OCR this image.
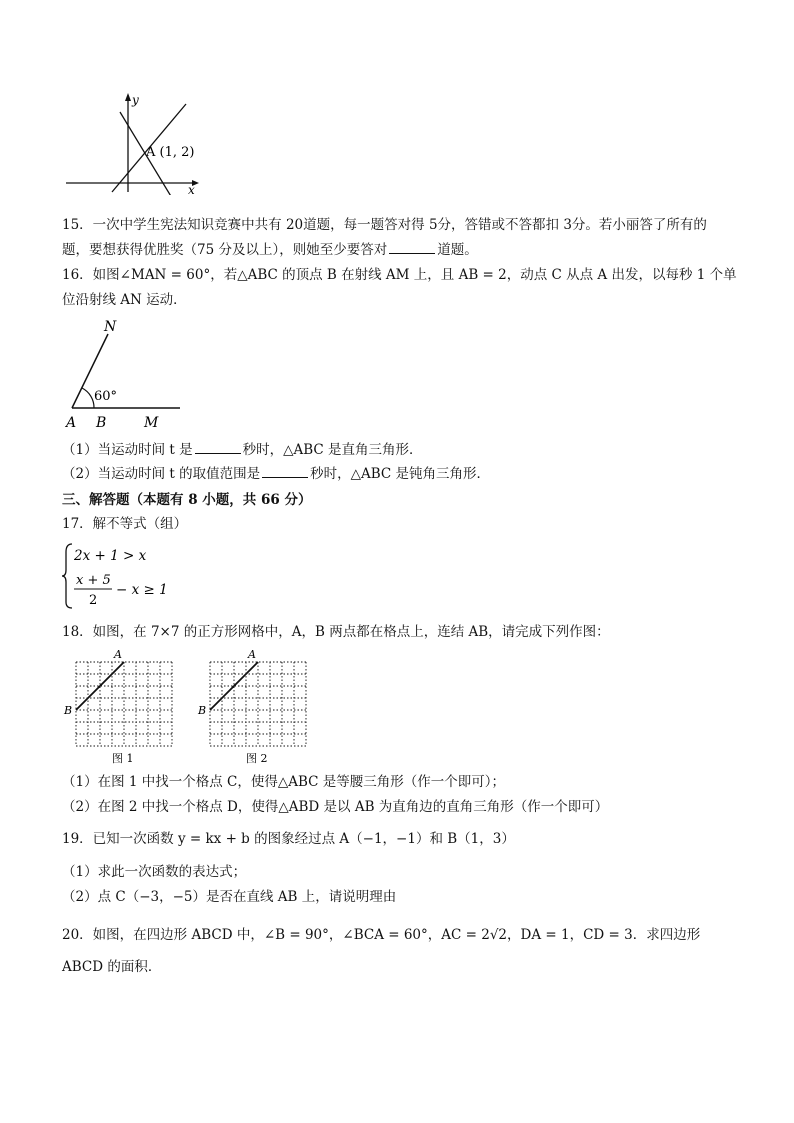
y
x
A (1, 2)
15．一次中学生宪法知识竞赛中共有 20道题，每一题答对得 5分，答错或不答都扣 3分。若小丽答了所有的
题，要想获得优胜奖（75 分及以上），则她至少要答对	道题。
16．如图∠MAN = 60°，若△ABC 的顶点 B 在射线 AM 上，且 AB = 2，动点 C 从点 A 出发，以每秒 1 个单
位沿射线 AN 运动．
N
60°
A B	M
（1）当运动时间 t 是	秒时，△ABC 是直角三角形．
（2）当运动时间 t 的取值范围是	秒时，△ABC 是钝角三角形．
三、解答题（本题有 8 小题，共 66 分）
17．解不等式（组）
2x + 1 > x
x + 5
2
− x ≥ 1
18．如图，在 7×7 的正方形网格中，A，B 两点都在格点上，连结 AB，请完成下列作图：
A
B
图 1
A
B
图 2
（1）在图 1 中找一个格点 C，使得△ABC 是等腰三角形（作一个即可）；
（2）在图 2 中找一个格点 D，使得△ABD 是以 AB 为直角边的直角三角形（作一个即可）
19．已知一次函数 y = kx + b 的图象经过点 A（−1，−1）和 B（1，3）
（1）求此一次函数的表达式；
（2）点 C（−3，−5）是否在直线 AB 上，请说明理由
20．如图，在四边形 ABCD 中，∠B = 90°，∠BCA = 60°，AC = 2√2，DA = 1，CD = 3．求四边形
ABCD 的面积．
